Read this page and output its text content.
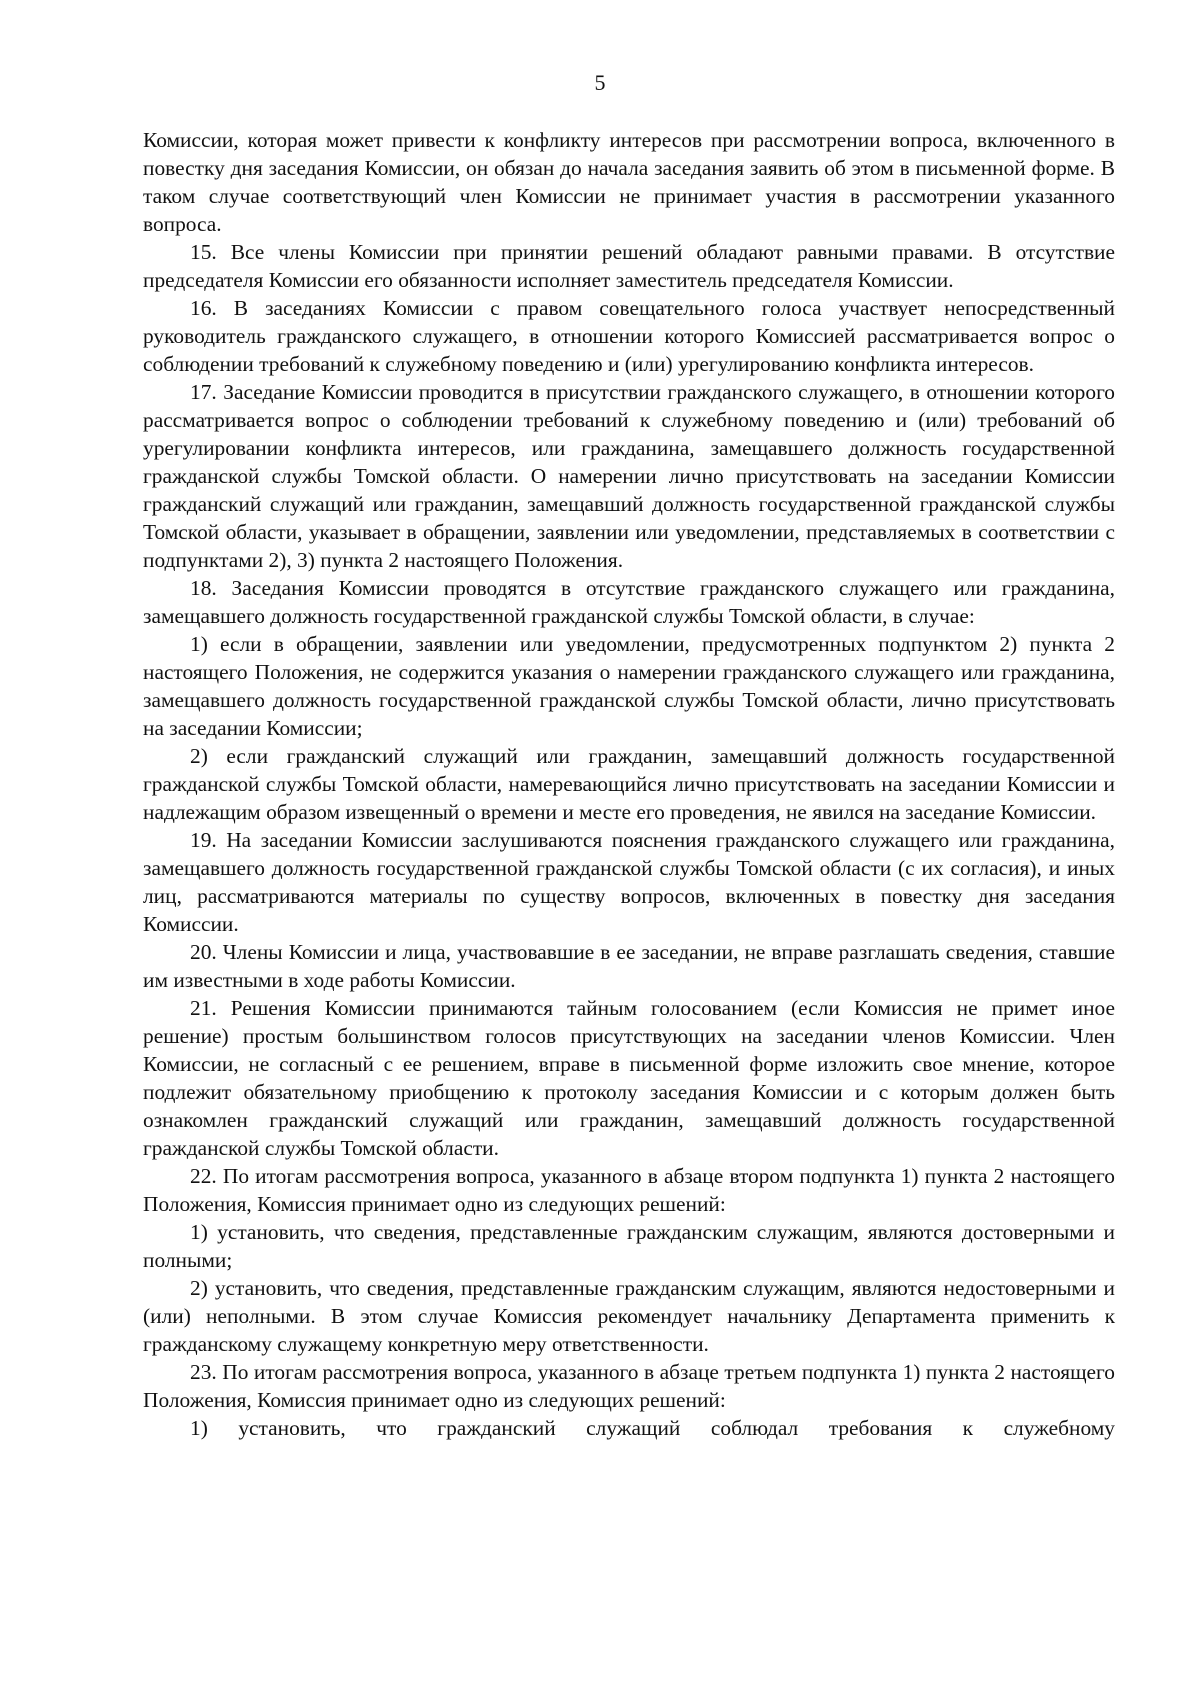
5

Комиссии, которая может привести к конфликту интересов при рассмотрении вопроса, включенного в повестку дня заседания Комиссии, он обязан до начала заседания заявить об этом в письменной форме. В таком случае соответствующий член Комиссии не принимает участия в рассмотрении указанного вопроса.

15. Все члены Комиссии при принятии решений обладают равными правами. В отсутствие председателя Комиссии его обязанности исполняет заместитель председателя Комиссии.

16. В заседаниях Комиссии с правом совещательного голоса участвует непосредственный руководитель гражданского служащего, в отношении которого Комиссией рассматривается вопрос о соблюдении требований к служебному поведению и (или) урегулированию конфликта интересов.

17. Заседание Комиссии проводится в присутствии гражданского служащего, в отношении которого рассматривается вопрос о соблюдении требований к служебному поведению и (или) требований об урегулировании конфликта интересов, или гражданина, замещавшего должность государственной гражданской службы Томской области. О намерении лично присутствовать на заседании Комиссии гражданский служащий или гражданин, замещавший должность государственной гражданской службы Томской области, указывает в обращении, заявлении или уведомлении, представляемых в соответствии с подпунктами 2), 3) пункта 2 настоящего Положения.

18. Заседания Комиссии проводятся в отсутствие гражданского служащего или гражданина, замещавшего должность государственной гражданской службы Томской области, в случае:

1) если в обращении, заявлении или уведомлении, предусмотренных подпунктом 2) пункта 2 настоящего Положения, не содержится указания о намерении гражданского служащего или гражданина, замещавшего должность государственной гражданской службы Томской области, лично присутствовать на заседании Комиссии;

2) если гражданский служащий или гражданин, замещавший должность государственной гражданской службы Томской области, намеревающийся лично присутствовать на заседании Комиссии и надлежащим образом извещенный о времени и месте его проведения, не явился на заседание Комиссии.

19. На заседании Комиссии заслушиваются пояснения гражданского служащего или гражданина, замещавшего должность государственной гражданской службы Томской области (с их согласия), и иных лиц, рассматриваются материалы по существу вопросов, включенных в повестку дня заседания Комиссии.

20. Члены Комиссии и лица, участвовавшие в ее заседании, не вправе разглашать сведения, ставшие им известными в ходе работы Комиссии.

21. Решения Комиссии принимаются тайным голосованием (если Комиссия не примет иное решение) простым большинством голосов присутствующих на заседании членов Комиссии. Член Комиссии, не согласный с ее решением, вправе в письменной форме изложить свое мнение, которое подлежит обязательному приобщению к протоколу заседания Комиссии и с которым должен быть ознакомлен гражданский служащий или гражданин, замещавший должность государственной гражданской службы Томской области.

22. По итогам рассмотрения вопроса, указанного в абзаце втором подпункта 1) пункта 2 настоящего Положения, Комиссия принимает одно из следующих решений:

1) установить, что сведения, представленные гражданским служащим, являются достоверными и полными;

2) установить, что сведения, представленные гражданским служащим, являются недостоверными и (или) неполными. В этом случае Комиссия рекомендует начальнику Департамента применить к гражданскому служащему конкретную меру ответственности.

23. По итогам рассмотрения вопроса, указанного в абзаце третьем подпункта 1) пункта 2 настоящего Положения, Комиссия принимает одно из следующих решений:

1) установить, что гражданский служащий соблюдал требования к служебному
